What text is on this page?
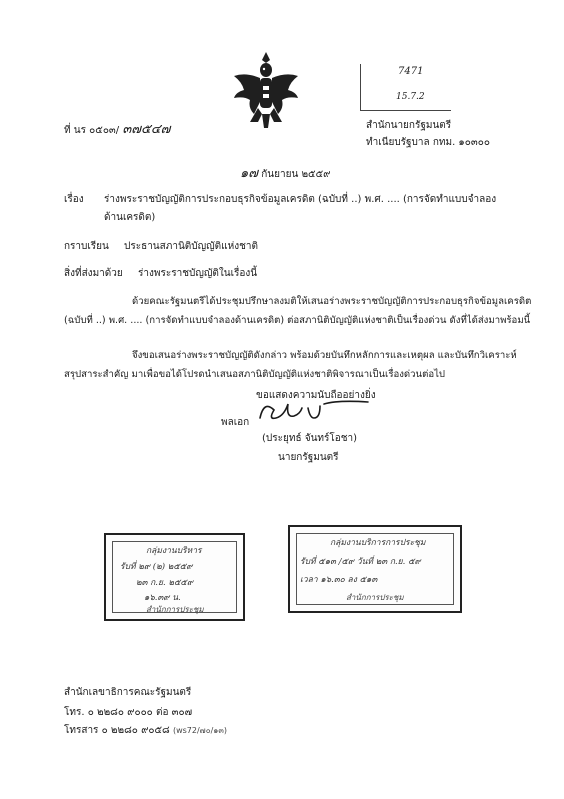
7471
15.7.2
ที่ นร ๐๕๐๓/ ๓๗๕๔๗	สำนักนายกรัฐมนตรี
ทำเนียบรัฐบาล กทม. ๑๐๓๐๐
๑๗ กันยายน ๒๕๕๙
เรื่อง ร่างพระราชบัญญัติการประกอบธุรกิจข้อมูลเครดิต (ฉบับที่ ..) พ.ศ. .... (การจัดทำแบบจำลอง
ด้านเครดิต)
กราบเรียน ประธานสภานิติบัญญัติแห่งชาติ
สิ่งที่ส่งมาด้วย ร่างพระราชบัญญัติในเรื่องนี้
ด้วยคณะรัฐมนตรีได้ประชุมปรึกษาลงมติให้เสนอร่างพระราชบัญญัติการประกอบธุรกิจข้อมูลเครดิต
(ฉบับที่ ..) พ.ศ. .... (การจัดทำแบบจำลองด้านเครดิต) ต่อสภานิติบัญญัติแห่งชาติเป็นเรื่องด่วน ดังที่ได้ส่งมาพร้อมนี้
จึงขอเสนอร่างพระราชบัญญัติดังกล่าว พร้อมด้วยบันทึกหลักการและเหตุผล และบันทึกวิเคราะห์
สรุปสาระสำคัญ มาเพื่อขอได้โปรดนำเสนอสภานิติบัญญัติแห่งชาติพิจารณาเป็นเรื่องด่วนต่อไป
ขอแสดงความนับถืออย่างยิ่ง
พลเอก
(ประยุทธ์ จันทร์โอชา)
นายกรัฐมนตรี
กลุ่มงานบริหาร
รับที่ ๒๙ (๒) ๒๕๕๙
๒๓ ก.ย. ๒๕๕๙
๑๖.๓๙ น.
สำนักการประชุม
กลุ่มงานบริการการประชุม
รับที่ ๕๑๓ /๕๙ วันที่ ๒๓ ก.ย. ๕๙
เวลา ๑๖.๓๐ ลง ๕๑๓
สำนักการประชุม
สำนักเลขาธิการคณะรัฐมนตรี
โทร. ๐ ๒๒๘๐ ๙๐๐๐ ต่อ ๓๐๗
โทรสาร ๐ ๒๒๘๐ ๙๐๕๘ (ws72/๗๐/๑๓)
